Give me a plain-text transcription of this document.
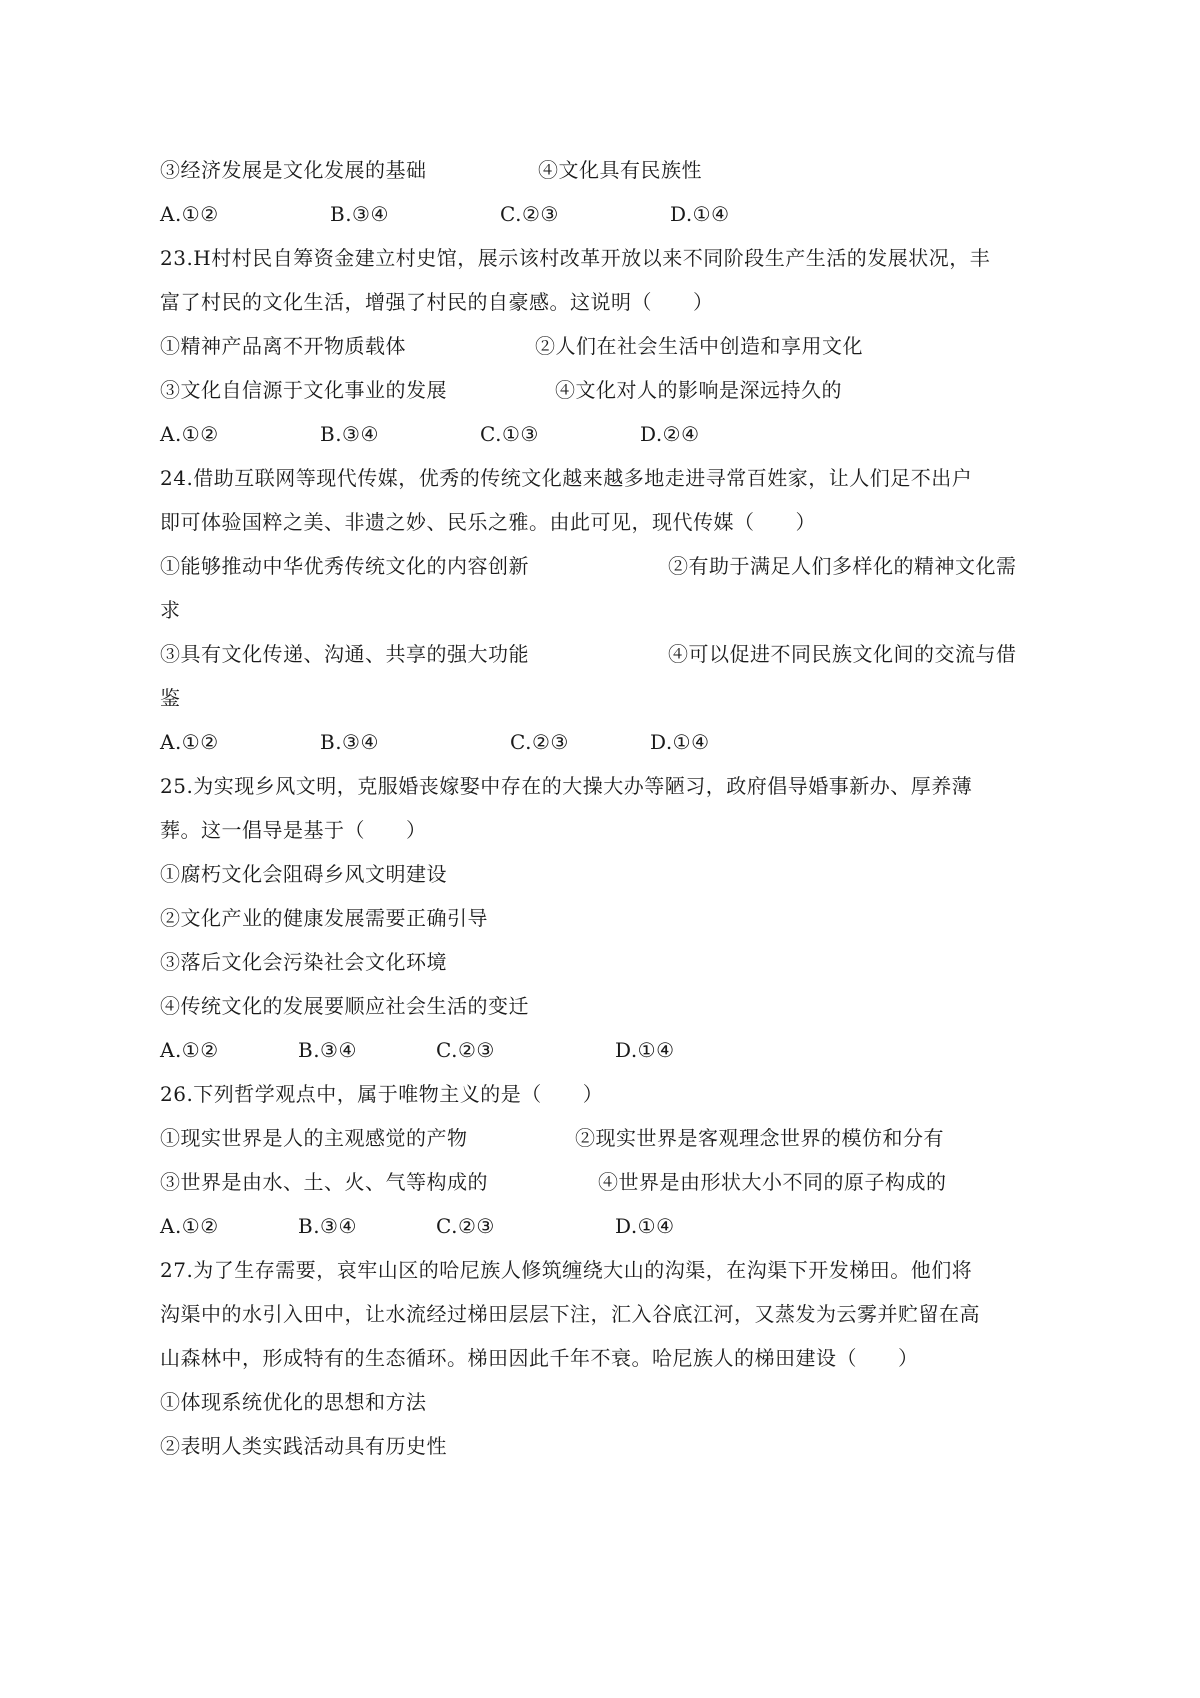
③经济发展是文化发展的基础	④文化具有民族性
A.①②	B.③④	C.②③	D.①④
23.H村村民自筹资金建立村史馆，展示该村改革开放以来不同阶段生产生活的发展状况，丰
富了村民的文化生活，增强了村民的自豪感。这说明（　　）
①精神产品离不开物质载体	②人们在社会生活中创造和享用文化
③文化自信源于文化事业的发展	④文化对人的影响是深远持久的
A.①②	B.③④	C.①③	D.②④
24.借助互联网等现代传媒，优秀的传统文化越来越多地走进寻常百姓家，让人们足不出户
即可体验国粹之美、非遗之妙、民乐之雅。由此可见，现代传媒（　　）
①能够推动中华优秀传统文化的内容创新	②有助于满足人们多样化的精神文化需
求
③具有文化传递、沟通、共享的强大功能	④可以促进不同民族文化间的交流与借
鉴
A.①②	B.③④	C.②③	D.①④
25.为实现乡风文明，克服婚丧嫁娶中存在的大操大办等陋习，政府倡导婚事新办、厚养薄
葬。这一倡导是基于（　　）
①腐朽文化会阻碍乡风文明建设
②文化产业的健康发展需要正确引导
③落后文化会污染社会文化环境
④传统文化的发展要顺应社会生活的变迁
A.①②	B.③④	C.②③	D.①④
26.下列哲学观点中，属于唯物主义的是（　　）
①现实世界是人的主观感觉的产物	②现实世界是客观理念世界的模仿和分有
③世界是由水、土、火、气等构成的	④世界是由形状大小不同的原子构成的
A.①②	B.③④	C.②③	D.①④
27.为了生存需要，哀牢山区的哈尼族人修筑缠绕大山的沟渠，在沟渠下开发梯田。他们将
沟渠中的水引入田中，让水流经过梯田层层下注，汇入谷底江河，又蒸发为云雾并贮留在高
山森林中，形成特有的生态循环。梯田因此千年不衰。哈尼族人的梯田建设（　　）
①体现系统优化的思想和方法
②表明人类实践活动具有历史性
